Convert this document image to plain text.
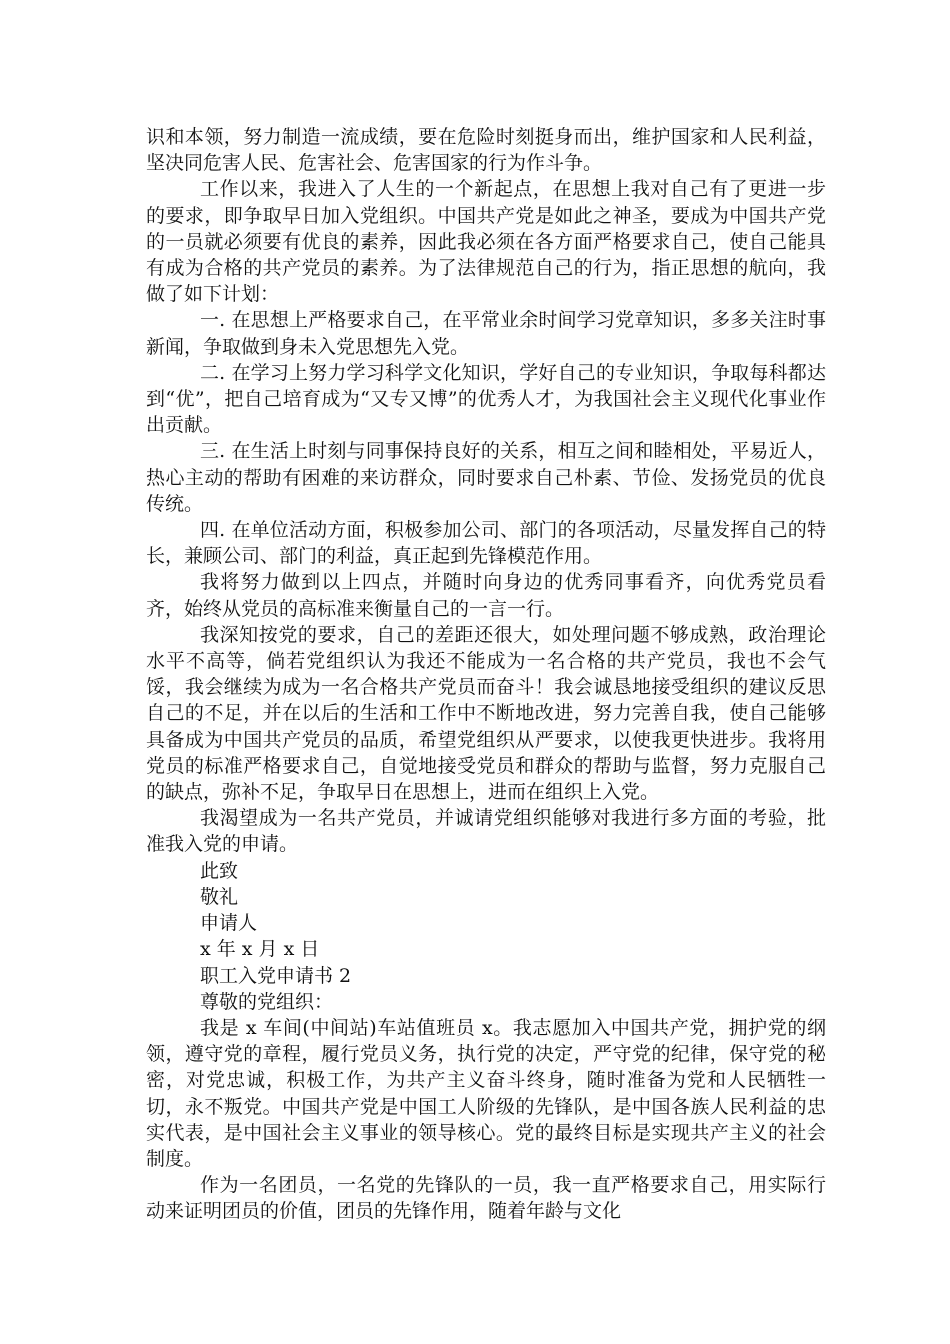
识和本领，努力制造一流成绩，要在危险时刻挺身而出，维护国家和人民利益，坚决同危害人民、危害社会、危害国家的行为作斗争。

工作以来，我进入了人生的一个新起点，在思想上我对自己有了更进一步的要求，即争取早日加入党组织。中国共产党是如此之神圣，要成为中国共产党的一员就必须要有优良的素养，因此我必须在各方面严格要求自己，使自己能具有成为合格的共产党员的素养。为了法律规范自己的行为，指正思想的航向，我做了如下计划：

一. 在思想上严格要求自己，在平常业余时间学习党章知识，多多关注时事新闻，争取做到身未入党思想先入党。

二. 在学习上努力学习科学文化知识，学好自己的专业知识，争取每科都达到“优”，把自己培育成为“又专又博”的优秀人才，为我国社会主义现代化事业作出贡献。

三. 在生活上时刻与同事保持良好的关系，相互之间和睦相处，平易近人，热心主动的帮助有困难的来访群众，同时要求自己朴素、节俭、发扬党员的优良传统。

四. 在单位活动方面，积极参加公司、部门的各项活动，尽量发挥自己的特长，兼顾公司、部门的利益，真正起到先锋模范作用。

我将努力做到以上四点，并随时向身边的优秀同事看齐，向优秀党员看齐，始终从党员的高标准来衡量自己的一言一行。

我深知按党的要求，自己的差距还很大，如处理问题不够成熟，政治理论水平不高等，倘若党组织认为我还不能成为一名合格的共产党员，我也不会气馁，我会继续为成为一名合格共产党员而奋斗！我会诚恳地接受组织的建议反思自己的不足，并在以后的生活和工作中不断地改进，努力完善自我，使自己能够具备成为中国共产党员的品质，希望党组织从严要求，以使我更快进步。我将用党员的标准严格要求自己，自觉地接受党员和群众的帮助与监督，努力克服自己的缺点，弥补不足，争取早日在思想上，进而在组织上入党。

我渴望成为一名共产党员，并诚请党组织能够对我进行多方面的考验，批准我入党的申请。

此致

敬礼

申请人

x 年 x 月 x 日

职工入党申请书 2

尊敬的党组织：

我是 x 车间(中间站)车站值班员 x。我志愿加入中国共产党，拥护党的纲领，遵守党的章程，履行党员义务，执行党的决定，严守党的纪律，保守党的秘密，对党忠诚，积极工作，为共产主义奋斗终身，随时准备为党和人民牺牲一切，永不叛党。中国共产党是中国工人阶级的先锋队，是中国各族人民利益的忠实代表，是中国社会主义事业的领导核心。党的最终目标是实现共产主义的社会制度。

作为一名团员，一名党的先锋队的一员，我一直严格要求自己，用实际行动来证明团员的价值，团员的先锋作用，随着年龄与文化
